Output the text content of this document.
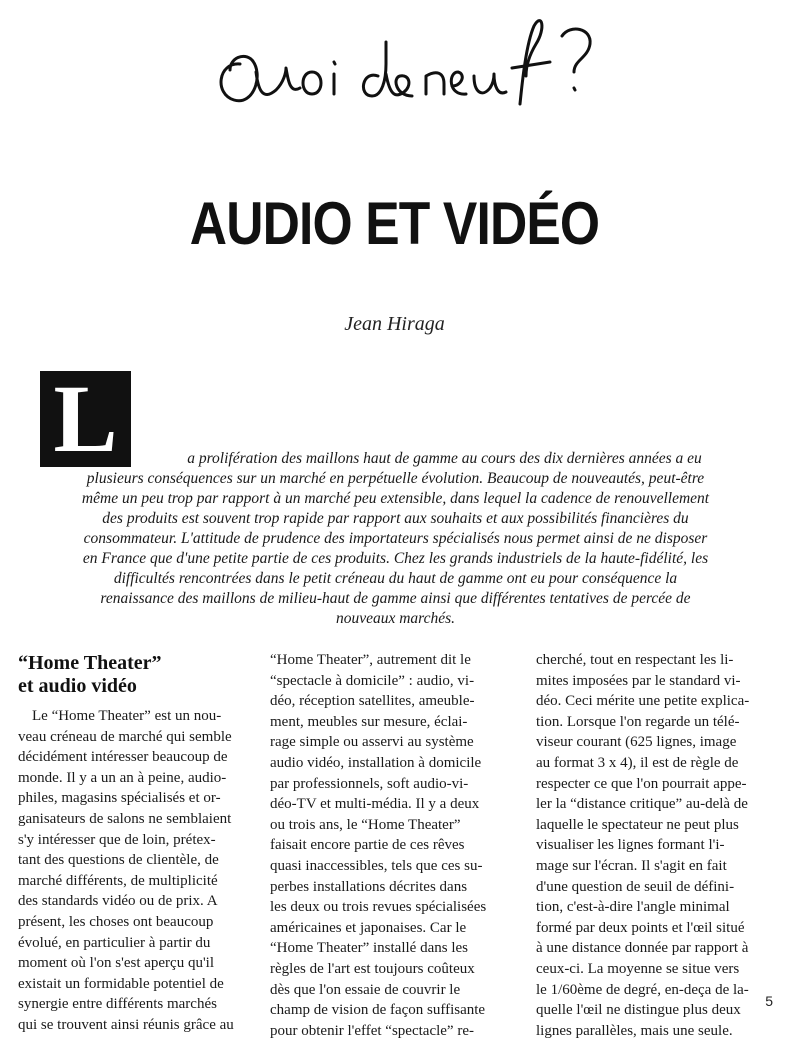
AUDIO ET VIDÉO
Jean Hiraga
L	a prolifération des maillons haut de gamme au cours des dix dernières années a eu
plusieurs conséquences sur un marché en perpétuelle évolution. Beaucoup de nouveautés, peut-être
même un peu trop par rapport à un marché peu extensible, dans lequel la cadence de renouvellement
des produits est souvent trop rapide par rapport aux souhaits et aux possibilités financières du
consommateur. L'attitude de prudence des importateurs spécialisés nous permet ainsi de ne disposer
en France que d'une petite partie de ces produits. Chez les grands industriels de la haute-fidélité, les
difficultés rencontrées dans le petit créneau du haut de gamme ont eu pour conséquence la
renaissance des maillons de milieu-haut de gamme ainsi que différentes tentatives de percée de
nouveaux marchés.
“Home Theater”
et audio vidéo
Le “Home Theater” est un nou-
veau créneau de marché qui semble
décidément intéresser beaucoup de
monde. Il y a un an à peine, audio-
philes, magasins spécialisés et or-
ganisateurs de salons ne semblaient
s'y intéresser que de loin, prétex-
tant des questions de clientèle, de
marché différents, de multiplicité
des standards vidéo ou de prix. A
présent, les choses ont beaucoup
évolué, en particulier à partir du
moment où l'on s'est aperçu qu'il
existait un formidable potentiel de
synergie entre différents marchés
qui se trouvent ainsi réunis grâce au
“Home Theater”, autrement dit le
“spectacle à domicile” : audio, vi-
déo, réception satellites, ameuble-
ment, meubles sur mesure, éclai-
rage simple ou asservi au système
audio vidéo, installation à domicile
par professionnels, soft audio-vi-
déo-TV et multi-média. Il y a deux
ou trois ans, le “Home Theater”
faisait encore partie de ces rêves
quasi inaccessibles, tels que ces su-
perbes installations décrites dans
les deux ou trois revues spécialisées
américaines et japonaises. Car le
“Home Theater” installé dans les
règles de l'art est toujours coûteux
dès que l'on essaie de couvrir le
champ de vision de façon suffisante
pour obtenir l'effet “spectacle” re-
cherché, tout en respectant les li-
mites imposées par le standard vi-
déo. Ceci mérite une petite explica-
tion. Lorsque l'on regarde un télé-
viseur courant (625 lignes, image
au format 3 x 4), il est de règle de
respecter ce que l'on pourrait appe-
ler la “distance critique” au-delà de
laquelle le spectateur ne peut plus
visualiser les lignes formant l'i-
mage sur l'écran. Il s'agit en fait
d'une question de seuil de défini-
tion, c'est-à-dire l'angle minimal
formé par deux points et l'œil situé
à une distance donnée par rapport à
ceux-ci. La moyenne se situe vers
le 1/60ème de degré, en-deça de la-
quelle l'œil ne distingue plus deux
lignes parallèles, mais une seule.
5
